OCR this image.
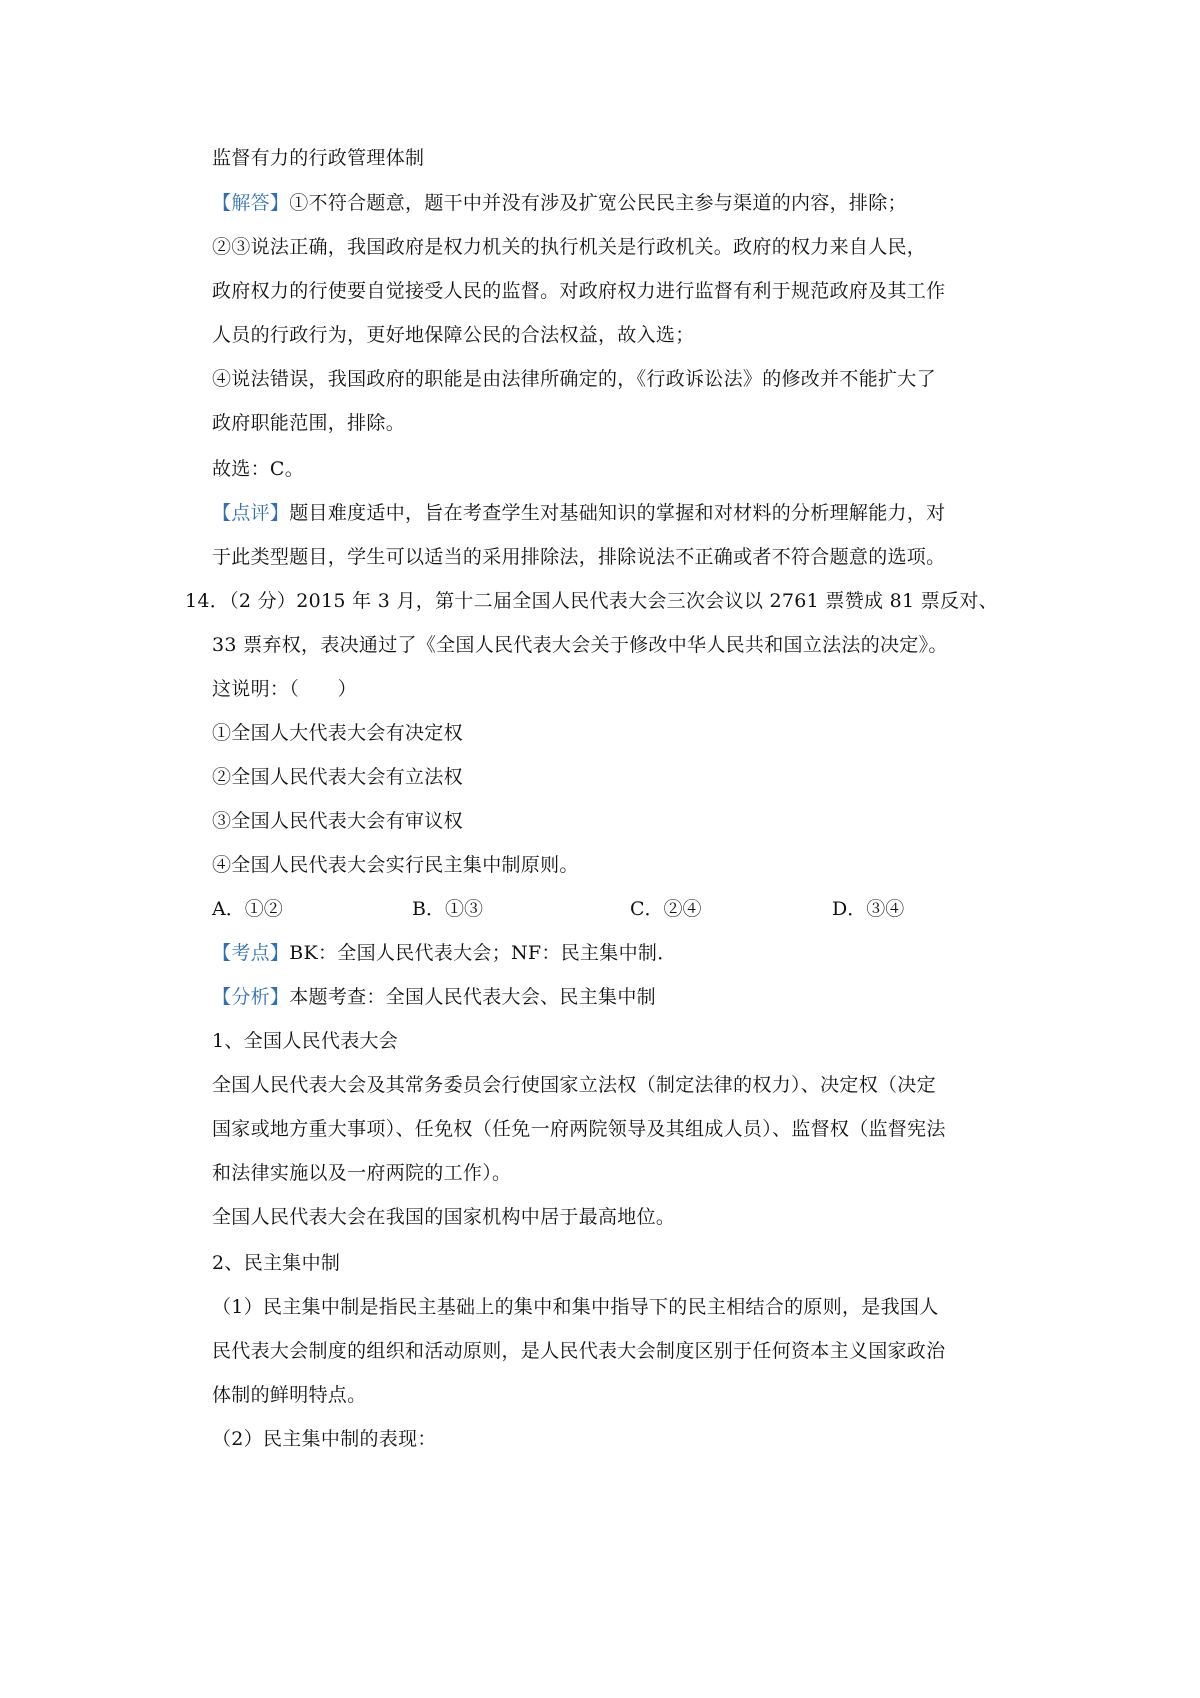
监督有力的行政管理体制
【解答】①不符合题意，题干中并没有涉及扩宽公民民主参与渠道的内容，排除；
②③说法正确，我国政府是权力机关的执行机关是行政机关。政府的权力来自人民，
政府权力的行使要自觉接受人民的监督。对政府权力进行监督有利于规范政府及其工作
人员的行政行为，更好地保障公民的合法权益，故入选；
④说法错误，我国政府的职能是由法律所确定的，《行政诉讼法》的修改并不能扩大了
政府职能范围，排除。
故选：C。
【点评】题目难度适中，旨在考查学生对基础知识的掌握和对材料的分析理解能力，对
于此类型题目，学生可以适当的采用排除法，排除说法不正确或者不符合题意的选项。
14．（2 分）2015 年 3 月，第十二届全国人民代表大会三次会议以 2761 票赞成 81 票反对、
33 票弃权，表决通过了《全国人民代表大会关于修改中华人民共和国立法法的决定》。
这说明：（　　）
①全国人大代表大会有决定权
②全国人民代表大会有立法权
③全国人民代表大会有审议权
④全国人民代表大会实行民主集中制原则。
A．①②	B．①③	C．②④	D．③④
【考点】BK：全国人民代表大会；NF：民主集中制．
【分析】本题考查：全国人民代表大会、民主集中制
1、全国人民代表大会
全国人民代表大会及其常务委员会行使国家立法权（制定法律的权力）、决定权（决定
国家或地方重大事项）、任免权（任免一府两院领导及其组成人员）、监督权（监督宪法
和法律实施以及一府两院的工作）。
全国人民代表大会在我国的国家机构中居于最高地位。
2、民主集中制
（1）民主集中制是指民主基础上的集中和集中指导下的民主相结合的原则，是我国人
民代表大会制度的组织和活动原则，是人民代表大会制度区别于任何资本主义国家政治
体制的鲜明特点。
（2）民主集中制的表现：
